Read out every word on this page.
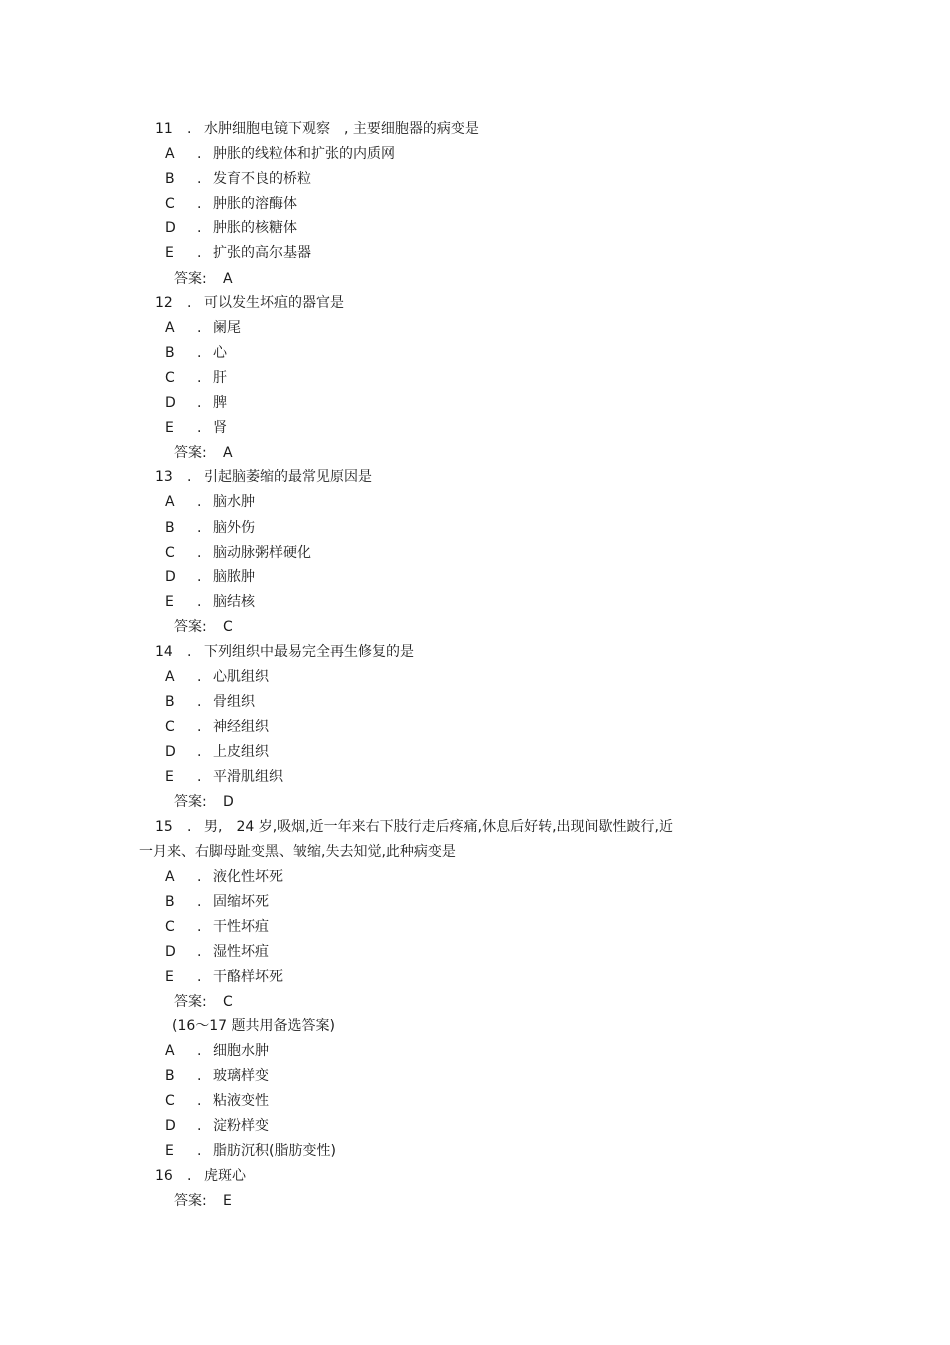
11 . 水肿细胞电镜下观察　, 主要细胞器的病变是
A . 肿胀的线粒体和扩张的内质网
B . 发育不良的桥粒
C . 肿胀的溶酶体
D . 肿胀的核糖体
E . 扩张的高尔基器
答案: A
12 . 可以发生坏疽的器官是
A . 阑尾
B . 心
C . 肝
D . 脾
E . 肾
答案: A
13 . 引起脑萎缩的最常见原因是
A . 脑水肿
B . 脑外伤
C . 脑动脉粥样硬化
D . 脑脓肿
E . 脑结核
答案: C
14 . 下列组织中最易完全再生修复的是
A . 心肌组织
B . 骨组织
C . 神经组织
D . 上皮组织
E . 平滑肌组织
答案: D
15 . 男,　24 岁,吸烟,近一年来右下肢行走后疼痛,休息后好转,出现间歇性跛行,近
一月来、右脚母趾变黑、皱缩,失去知觉,此种病变是
A . 液化性坏死
B . 固缩坏死
C . 干性坏疽
D . 湿性坏疽
E . 干酪样坏死
答案: C
(16～17 题共用备选答案)
A . 细胞水肿
B . 玻璃样变
C . 粘液变性
D . 淀粉样变
E . 脂肪沉积(脂肪变性)
16 . 虎斑心
答案: E
